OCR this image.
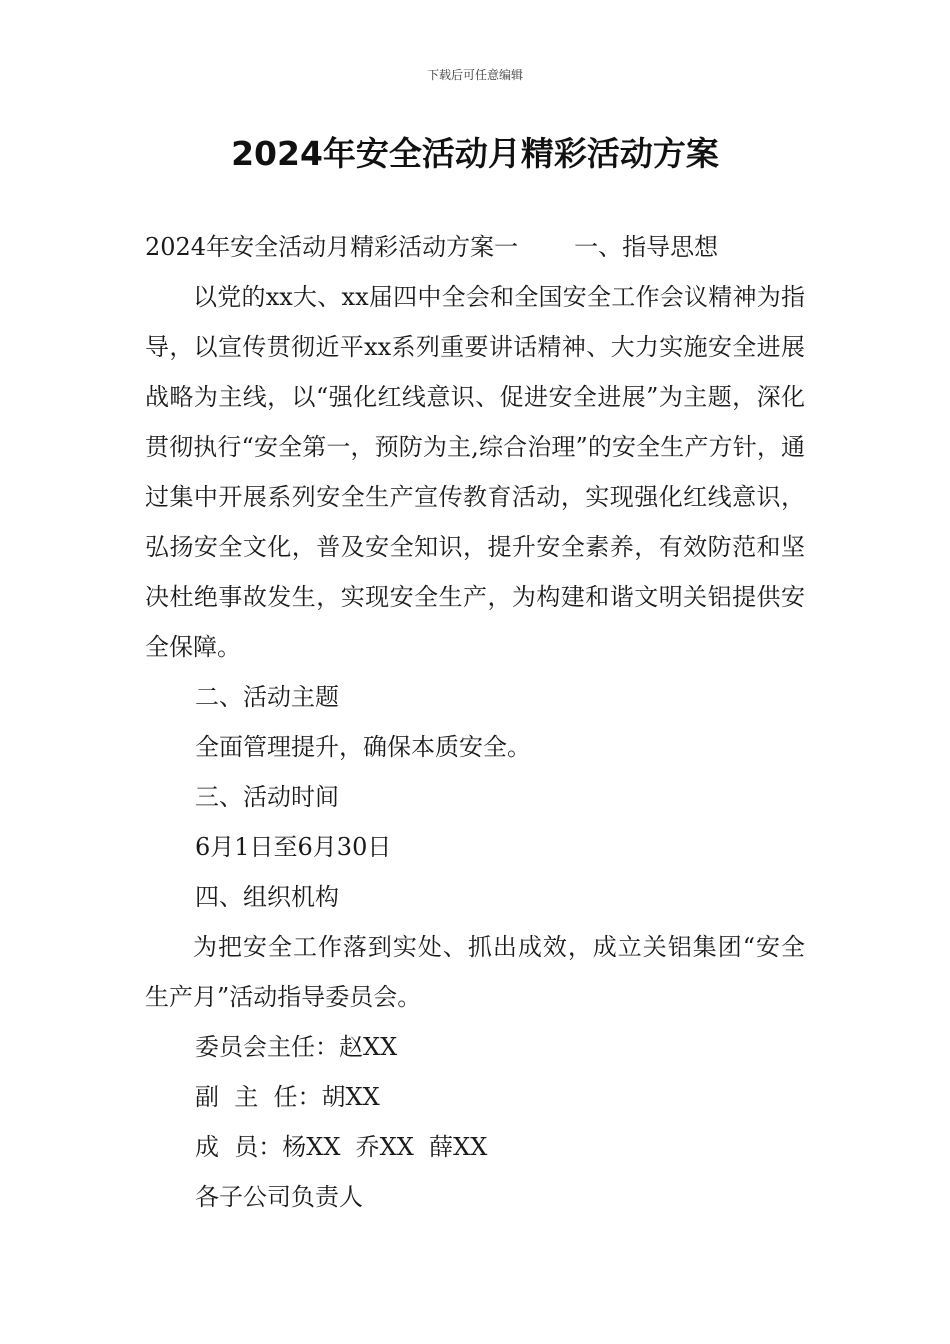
下载后可任意编辑
2024年安全活动月精彩活动方案

2024年安全活动月精彩活动方案一 一、指导思想

以党的xx大、xx届四中全会和全国安全工作会议精神为指导，以宣传贯彻近平xx系列重要讲话精神、大力实施安全进展战略为主线，以“强化红线意识、促进安全进展”为主题，深化贯彻执行“安全第一，预防为主,综合治理”的安全生产方针，通过集中开展系列安全生产宣传教育活动，实现强化红线意识，弘扬安全文化，普及安全知识，提升安全素养，有效防范和坚决杜绝事故发生，实现安全生产，为构建和谐文明关铝提供安全保障。

二、活动主题

全面管理提升，确保本质安全。

三、活动时间

6月1日至6月30日

四、组织机构

为把安全工作落到实处、抓出成效，成立关铝集团“安全生产月”活动指导委员会。

委员会主任：赵XX

副  主  任：胡XX

成  员：杨XX  乔XX  薛XX

各子公司负责人
